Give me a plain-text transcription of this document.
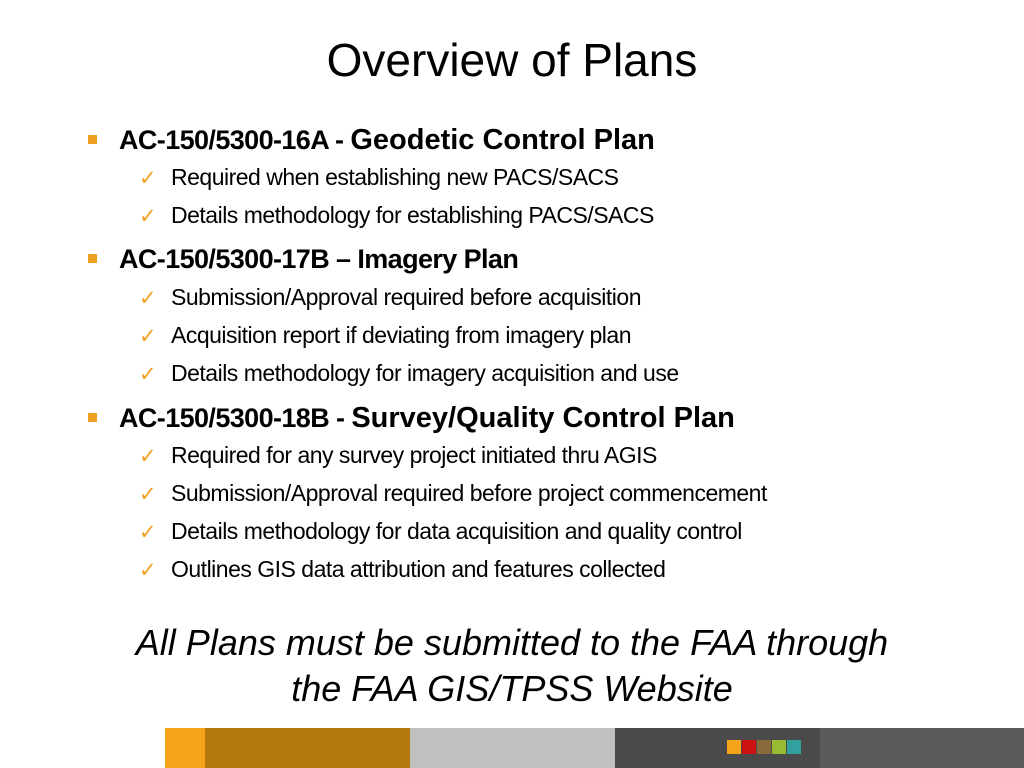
Overview of Plans
AC-150/5300-16A - Geodetic Control Plan
✓ Required when establishing new PACS/SACS
✓ Details methodology for establishing PACS/SACS
AC-150/5300-17B – Imagery Plan
✓ Submission/Approval required before acquisition
✓ Acquisition report if deviating from imagery plan
✓ Details methodology for imagery acquisition and use
AC-150/5300-18B - Survey/Quality Control Plan
✓ Required for any survey project initiated thru AGIS
✓ Submission/Approval required before project commencement
✓ Details methodology for data acquisition and quality control
✓ Outlines GIS data attribution and features collected
All Plans must be submitted to the FAA through
the FAA GIS/TPSS Website
